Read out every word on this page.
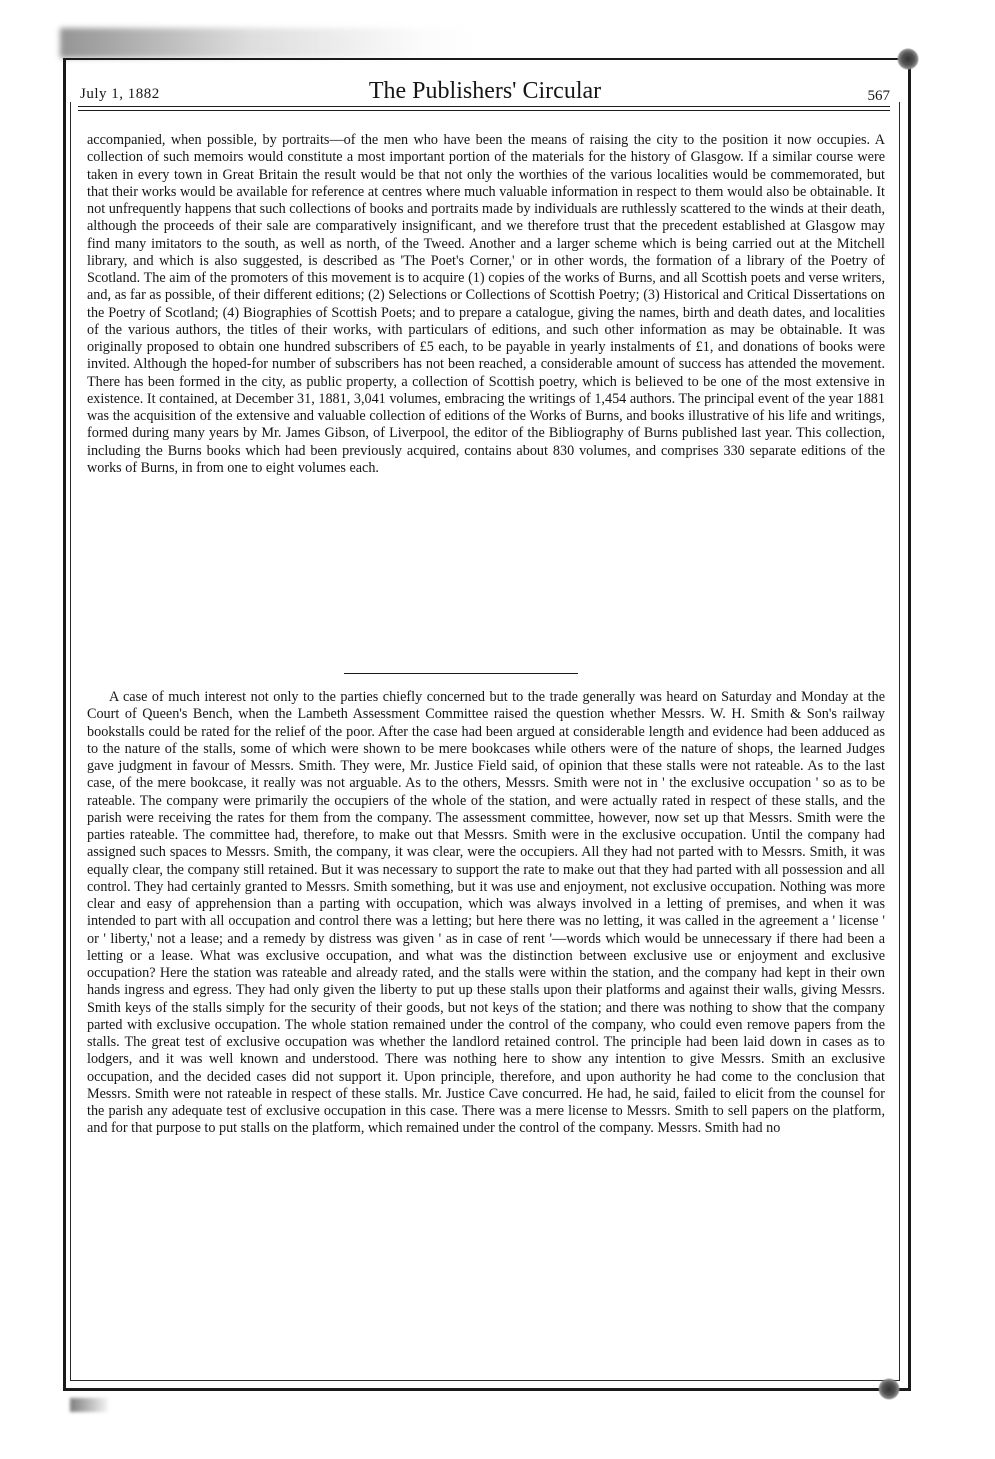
July 1, 1882	The Publishers' Circular	567

accompanied, when possible, by portraits—of the men who have been the means of raising the city to the position it now occupies. A collection of such memoirs would constitute a most important portion of the materials for the history of Glasgow. If a similar course were taken in every town in Great Britain the result would be that not only the worthies of the various localities would be commemorated, but that their works would be available for reference at centres where much valuable information in respect to them would also be obtainable. It not unfrequently happens that such collections of books and portraits made by individuals are ruthlessly scattered to the winds at their death, although the proceeds of their sale are comparatively insignificant, and we therefore trust that the precedent established at Glasgow may find many imitators to the south, as well as north, of the Tweed. Another and a larger scheme which is being carried out at the Mitchell library, and which is also suggested, is described as 'The Poet's Corner,' or in other words, the formation of a library of the Poetry of Scotland. The aim of the promoters of this movement is to acquire (1) copies of the works of Burns, and all Scottish poets and verse writers, and, as far as possible, of their different editions; (2) Selections or Collections of Scottish Poetry; (3) Historical and Critical Dissertations on the Poetry of Scotland; (4) Biographies of Scottish Poets; and to prepare a catalogue, giving the names, birth and death dates, and localities of the various authors, the titles of their works, with particulars of editions, and such other information as may be obtainable. It was originally proposed to obtain one hundred subscribers of £5 each, to be payable in yearly instalments of £1, and donations of books were invited. Although the hoped-for number of subscribers has not been reached, a considerable amount of success has attended the movement. There has been formed in the city, as public property, a collection of Scottish poetry, which is believed to be one of the most extensive in existence. It contained, at December 31, 1881, 3,041 volumes, embracing the writings of 1,454 authors. The principal event of the year 1881 was the acquisition of the extensive and valuable collection of editions of the Works of Burns, and books illustrative of his life and writings, formed during many years by Mr. James Gibson, of Liverpool, the editor of the Bibliography of Burns published last year. This collection, including the Burns books which had been previously acquired, contains about 830 volumes, and comprises 330 separate editions of the works of Burns, in from one to eight volumes each.

A case of much interest not only to the parties chiefly concerned but to the trade generally was heard on Saturday and Monday at the Court of Queen's Bench, when the Lambeth Assessment Committee raised the question whether Messrs. W. H. Smith & Son's railway bookstalls could be rated for the relief of the poor. After the case had been argued at considerable length and evidence had been adduced as to the nature of the stalls, some of which were shown to be mere bookcases while others were of the nature of shops, the learned Judges gave judgment in favour of Messrs. Smith. They were, Mr. Justice Field said, of opinion that these stalls were not rateable. As to the last case, of the mere bookcase, it really was not arguable. As to the others, Messrs. Smith were not in ' the exclusive occupation ' so as to be rateable. The company were primarily the occupiers of the whole of the station, and were actually rated in respect of these stalls, and the parish were receiving the rates for them from the company. The assessment committee, however, now set up that Messrs. Smith were the parties rateable. The committee had, therefore, to make out that Messrs. Smith were in the exclusive occupation. Until the company had assigned such spaces to Messrs. Smith, the company, it was clear, were the occupiers. All they had not parted with to Messrs. Smith, it was equally clear, the company still retained. But it was necessary to support the rate to make out that they had parted with all possession and all control. They had certainly granted to Messrs. Smith something, but it was use and enjoyment, not exclusive occupation. Nothing was more clear and easy of apprehension than a parting with occupation, which was always involved in a letting of premises, and when it was intended to part with all occupation and control there was a letting; but here there was no letting, it was called in the agreement a ' license ' or ' liberty,' not a lease; and a remedy by distress was given ' as in case of rent '—words which would be unnecessary if there had been a letting or a lease. What was exclusive occupation, and what was the distinction between exclusive use or enjoyment and exclusive occupation? Here the station was rateable and already rated, and the stalls were within the station, and the company had kept in their own hands ingress and egress. They had only given the liberty to put up these stalls upon their platforms and against their walls, giving Messrs. Smith keys of the stalls simply for the security of their goods, but not keys of the station; and there was nothing to show that the company parted with exclusive occupation. The whole station remained under the control of the company, who could even remove papers from the stalls. The great test of exclusive occupation was whether the landlord retained control. The principle had been laid down in cases as to lodgers, and it was well known and understood. There was nothing here to show any intention to give Messrs. Smith an exclusive occupation, and the decided cases did not support it. Upon principle, therefore, and upon authority he had come to the conclusion that Messrs. Smith were not rateable in respect of these stalls. Mr. Justice Cave concurred. He had, he said, failed to elicit from the counsel for the parish any adequate test of exclusive occupation in this case. There was a mere license to Messrs. Smith to sell papers on the platform, and for that purpose to put stalls on the platform, which remained under the control of the company. Messrs. Smith had no
